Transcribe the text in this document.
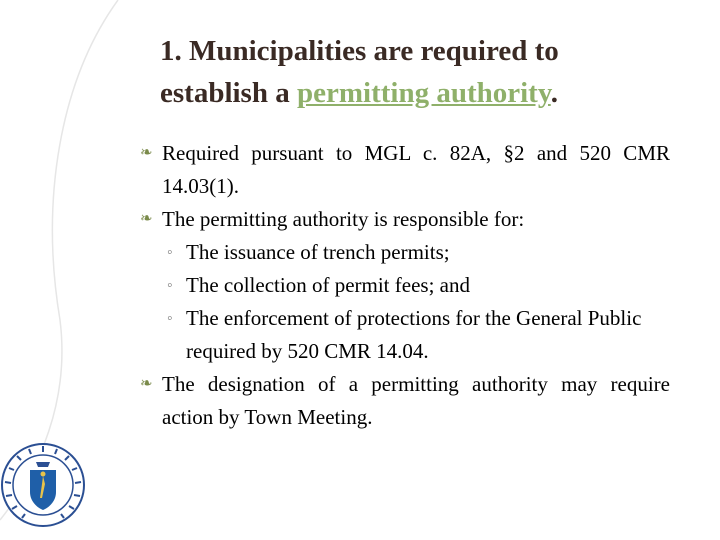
1. Municipalities are required to
establish a permitting authority.
❧ Required pursuant to MGL c. 82A, §2 and 520 CMR 14.03(1).
❧ The permitting authority is responsible for:
◦ The issuance of trench permits;
◦ The collection of permit fees; and
◦ The enforcement of protections for the General Public required by 520 CMR 14.04.
❧ The designation of a permitting authority may require action by Town Meeting.
